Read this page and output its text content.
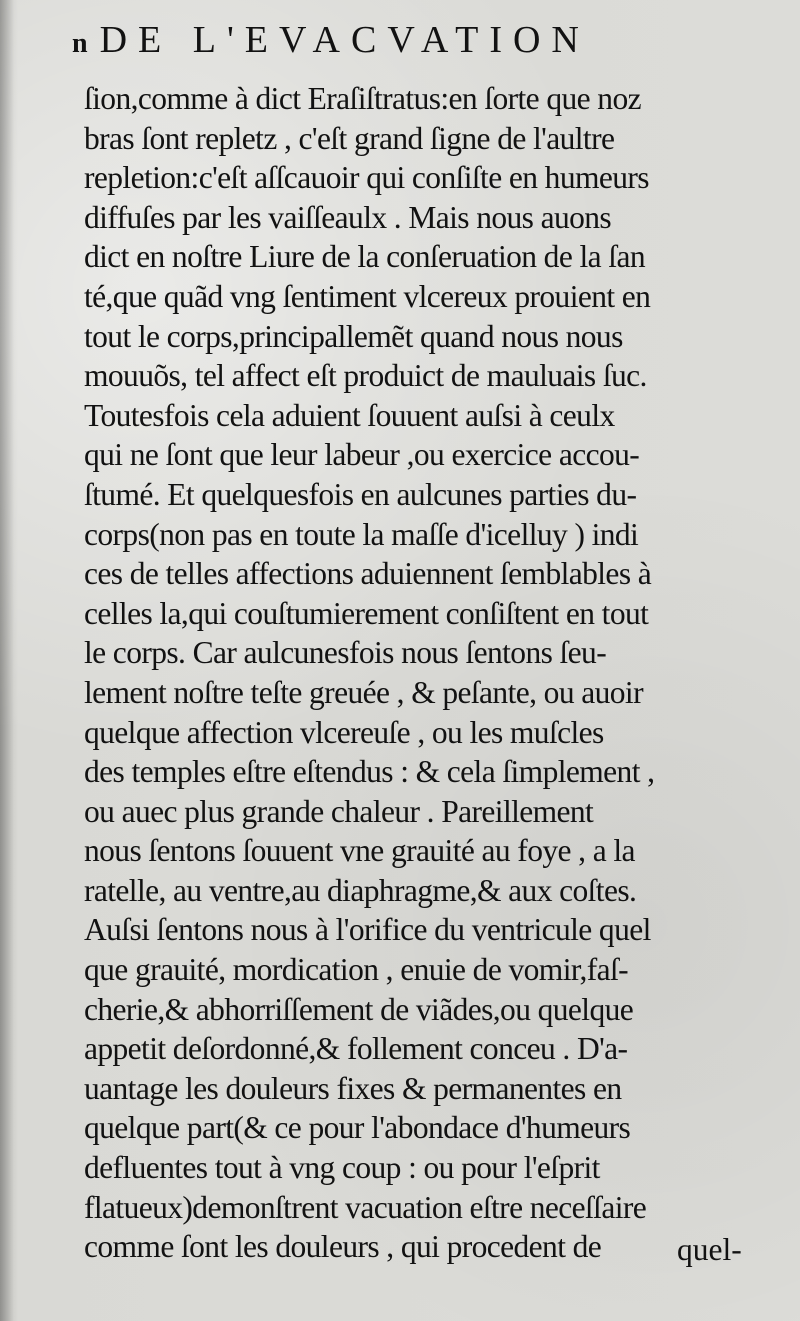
n DE L'EVACVATION
ſion,comme à dict Eraſiſtratus:en ſorte que noz
bras ſont repletz , c'eſt grand ſigne de l'aultre
repletion:c'eſt aſſcauoir qui conſiſte en humeurs
diffuſes par les vaiſſeaulx . Mais nous auons
dict en noſtre Liure de la conſeruation de la ſan
té,que quãd vng ſentiment vlcereux prouient en
tout le corps,principallemẽt quand nous nous
mouuõs, tel affect eſt produict de mauluais ſuc.
Toutesfois cela aduient ſouuent auſsi à ceulx
qui ne ſont que leur labeur ,ou exercice accou-
ſtumé. Et quelquesfois en aulcunes parties du-
corps(non pas en toute la maſſe d'icelluy ) indi
ces de telles affections aduiennent ſemblables à
celles la,qui couſtumierement conſiſtent en tout
le corps. Car aulcunesfois nous ſentons ſeu-
lement noſtre teſte greuée , & peſante, ou auoir
quelque affection vlcereuſe , ou les muſcles
des temples eſtre eſtendus : & cela ſimplement ,
ou auec plus grande chaleur . Pareillement
nous ſentons ſouuent vne grauité au foye , a la
ratelle, au ventre,au diaphragme,& aux coſtes.
Auſsi ſentons nous à l'orifice du ventricule quel
que grauité, mordication , enuie de vomir,faſ-
cherie,& abhorriſſement de viãdes,ou quelque
appetit deſordonné,& follement conceu . D'a-
uantage les douleurs fixes & permanentes en
quelque part(& ce pour l'abondace d'humeurs
defluentes tout à vng coup : ou pour l'eſprit
flatueux)demonſtrent vacuation eſtre neceſſaire
comme ſont les douleurs , qui procedent de	quel-
